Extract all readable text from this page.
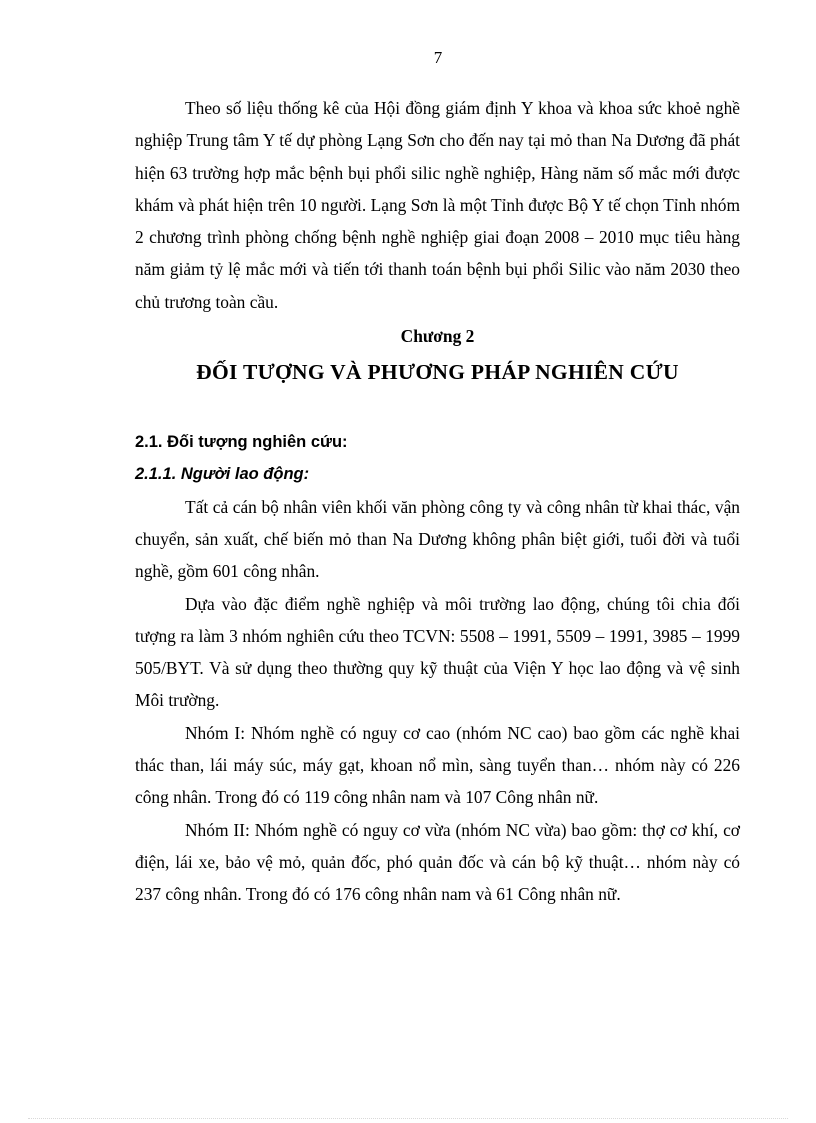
7

Theo số liệu thống kê của Hội đồng giám định Y khoa và khoa sức khoẻ nghề nghiệp Trung tâm Y tế dự phòng Lạng Sơn cho đến nay tại mỏ than Na Dương đã phát hiện 63 trường hợp mắc bệnh bụi phổi silic nghề nghiệp, Hàng năm số mắc mới được khám và phát hiện trên 10 người. Lạng Sơn là một Tỉnh được Bộ Y tế chọn Tỉnh nhóm 2 chương trình phòng chống bệnh nghề nghiệp giai đoạn 2008 – 2010 mục tiêu hàng năm giảm tỷ lệ mắc mới và tiến tới thanh toán bệnh bụi phổi Silic vào năm 2030 theo chủ trương toàn cầu.

Chương 2

ĐỐI TƯỢNG VÀ PHƯƠNG PHÁP NGHIÊN CỨU

2.1. Đối tượng nghiên cứu:

2.1.1. Người lao động:

Tất cả cán bộ nhân viên khối văn phòng công ty và công nhân từ khai thác, vận chuyển, sản xuất, chế biến mỏ than Na Dương không phân biệt giới, tuổi đời và tuổi nghề, gồm 601 công nhân.

Dựa vào đặc điểm nghề nghiệp và môi trường lao động, chúng tôi chia đối tượng ra làm 3 nhóm nghiên cứu theo TCVN: 5508 – 1991, 5509 – 1991, 3985 – 1999 505/BYT. Và sử dụng theo thường quy kỹ thuật của Viện Y học lao động và vệ sinh Môi trường.

Nhóm I: Nhóm nghề có nguy cơ cao (nhóm NC cao) bao gồm các nghề khai thác than, lái máy súc, máy gạt, khoan nổ mìn, sàng tuyển than… nhóm này có 226 công nhân. Trong đó có 119 công nhân nam và 107 Công nhân nữ.

Nhóm II: Nhóm nghề có nguy cơ vừa (nhóm NC vừa) bao gồm: thợ cơ khí, cơ điện, lái xe, bảo vệ mỏ, quản đốc, phó quản đốc và cán bộ kỹ thuật… nhóm này có 237 công nhân. Trong đó có 176 công nhân nam và 61 Công nhân nữ.
